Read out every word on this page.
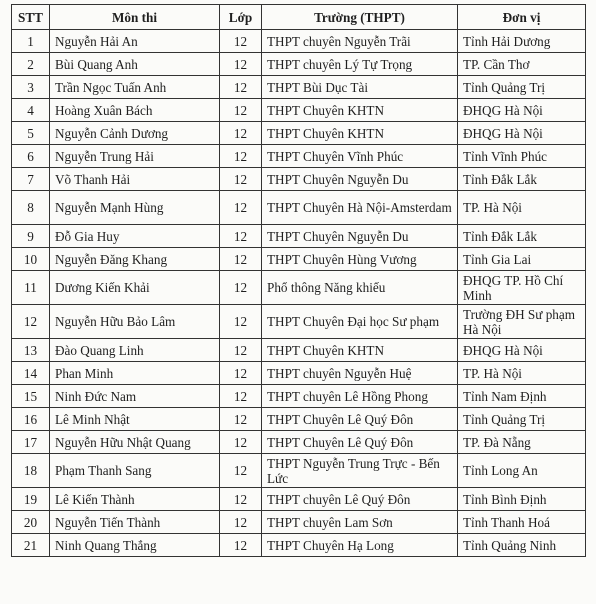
STT	Môn thi	Lớp	Trường (THPT)	Đơn vị
1	Nguyễn Hải An	12	THPT chuyên Nguyễn Trãi	Tỉnh Hải Dương
2	Bùi Quang Anh	12	THPT chuyên Lý Tự Trọng	TP. Cần Thơ
3	Trần Ngọc Tuấn Anh	12	THPT Bùi Dục Tài	Tỉnh Quảng Trị
4	Hoàng Xuân Bách	12	THPT Chuyên KHTN	ĐHQG Hà Nội
5	Nguyễn Cảnh Dương	12	THPT Chuyên KHTN	ĐHQG Hà Nội
6	Nguyễn Trung Hải	12	THPT Chuyên Vĩnh Phúc	Tỉnh Vĩnh Phúc
7	Võ Thanh Hải	12	THPT Chuyên Nguyễn Du	Tỉnh Đắk Lắk
8	Nguyễn Mạnh Hùng	12	THPT Chuyên Hà Nội-Amsterdam	TP. Hà Nội
9	Đỗ Gia Huy	12	THPT Chuyên Nguyễn Du	Tỉnh Đắk Lắk
10	Nguyễn Đăng Khang	12	THPT Chuyên Hùng Vương	Tỉnh Gia Lai
11	Dương Kiến Khải	12	Phổ thông Năng khiếu	ĐHQG TP. Hồ Chí Minh
12	Nguyễn Hữu Bảo Lâm	12	THPT Chuyên Đại học Sư phạm	Trường ĐH Sư phạm Hà Nội
13	Đào Quang Linh	12	THPT Chuyên KHTN	ĐHQG Hà Nội
14	Phan Minh	12	THPT chuyên Nguyễn Huệ	TP. Hà Nội
15	Ninh Đức Nam	12	THPT chuyên Lê Hồng Phong	Tỉnh Nam Định
16	Lê Minh Nhật	12	THPT Chuyên Lê Quý Đôn	Tỉnh Quảng Trị
17	Nguyễn Hữu Nhật Quang	12	THPT Chuyên Lê Quý Đôn	TP. Đà Nẵng
18	Phạm Thanh Sang	12	THPT Nguyễn Trung Trực - Bến Lức	Tỉnh Long An
19	Lê Kiến Thành	12	THPT chuyên Lê Quý Đôn	Tỉnh Bình Định
20	Nguyễn Tiến Thành	12	THPT chuyên Lam Sơn	Tỉnh Thanh Hoá
21	Ninh Quang Thắng	12	THPT Chuyên Hạ Long	Tỉnh Quảng Ninh
